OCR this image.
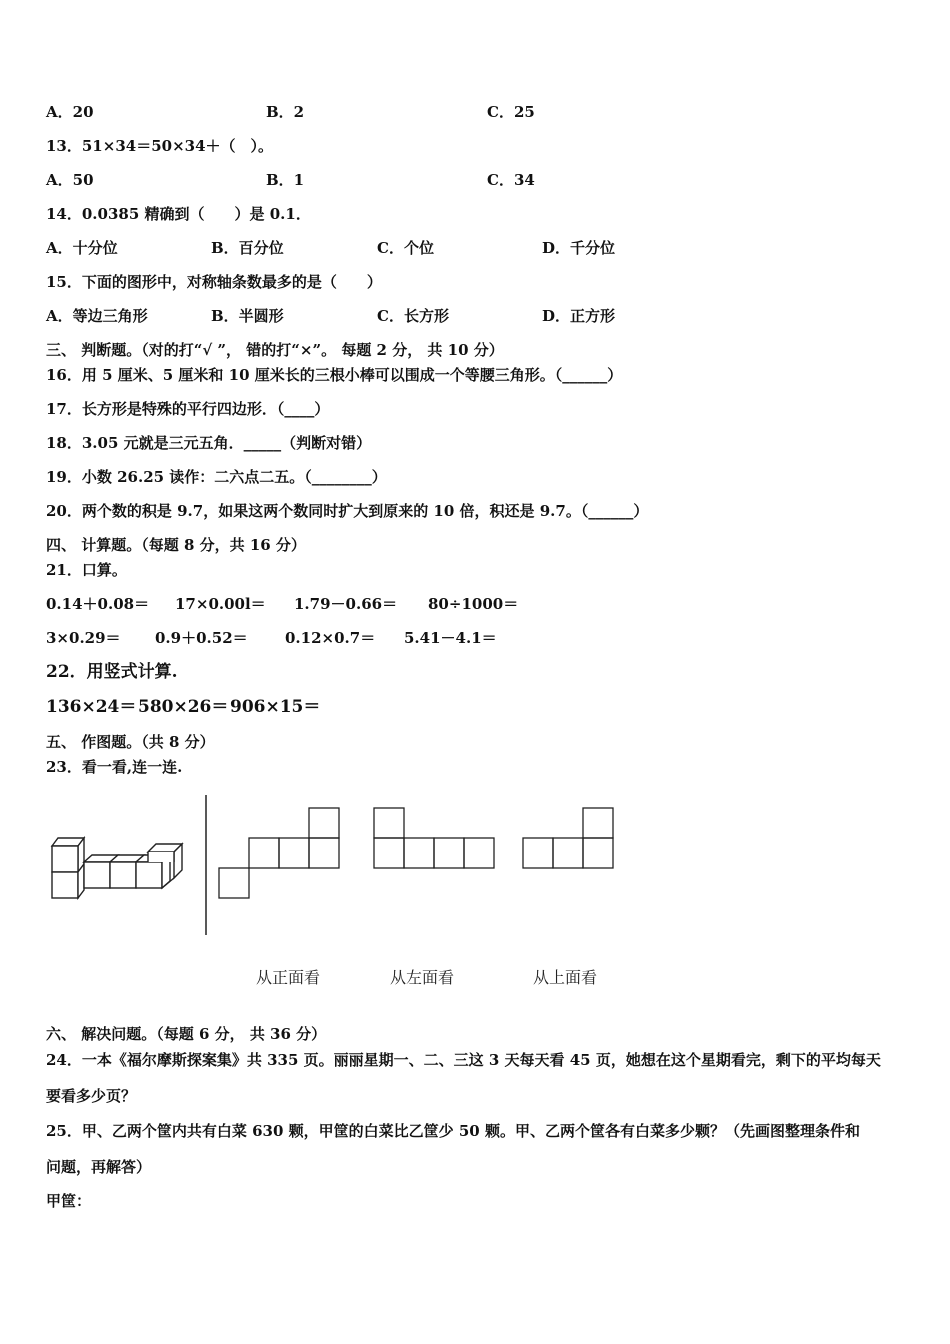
A．20	B．2	C．25
13．51×34＝50×34＋（　）。
A．50	B．1	C．34
14．0.0385 精确到（　　）是 0.1．
A．十分位	B．百分位	C．个位	D．千分位
15．下面的图形中，对称轴条数最多的是（　　）
A．等边三角形	B．半圆形	C．长方形	D．正方形
三、 判断题。（对的打“√ ”， 错的打“×”。 每题 2 分， 共 10 分）
16．用 5 厘米、5 厘米和 10 厘米长的三根小棒可以围成一个等腰三角形。（______）
17．长方形是特殊的平行四边形．（____）
18．3.05 元就是三元五角．_____（判断对错）
19．小数 26.25 读作：二六点二五。（________）
20．两个数的积是 9.7，如果这两个数同时扩大到原来的 10 倍，积还是 9.7。（______）
四、 计算题。（每题 8 分，共 16 分）
21．口算。
0.14＋0.08＝ 17×0.00l＝ 1.79－0.66＝ 80÷1000＝
3×0.29＝ 0.9＋0.52＝ 0.12×0.7＝ 5.41－4.1＝
22．用竖式计算.
136×24＝ 580×26＝ 906×15＝
五、 作图题。（共 8 分）
23．看一看,连一连.
从正面看	从左面看	从上面看
六、 解决问题。（每题 6 分， 共 36 分）
24．一本《福尔摩斯探案集》共 335 页。丽丽星期一、二、三这 3 天每天看 45 页，她想在这个星期看完，剩下的平均每天
要看多少页？
25．甲、乙两个筐内共有白菜 630 颗，甲筐的白菜比乙筐少 50 颗。甲、乙两个筐各有白菜多少颗？（先画图整理条件和
问题，再解答）
甲筐：
